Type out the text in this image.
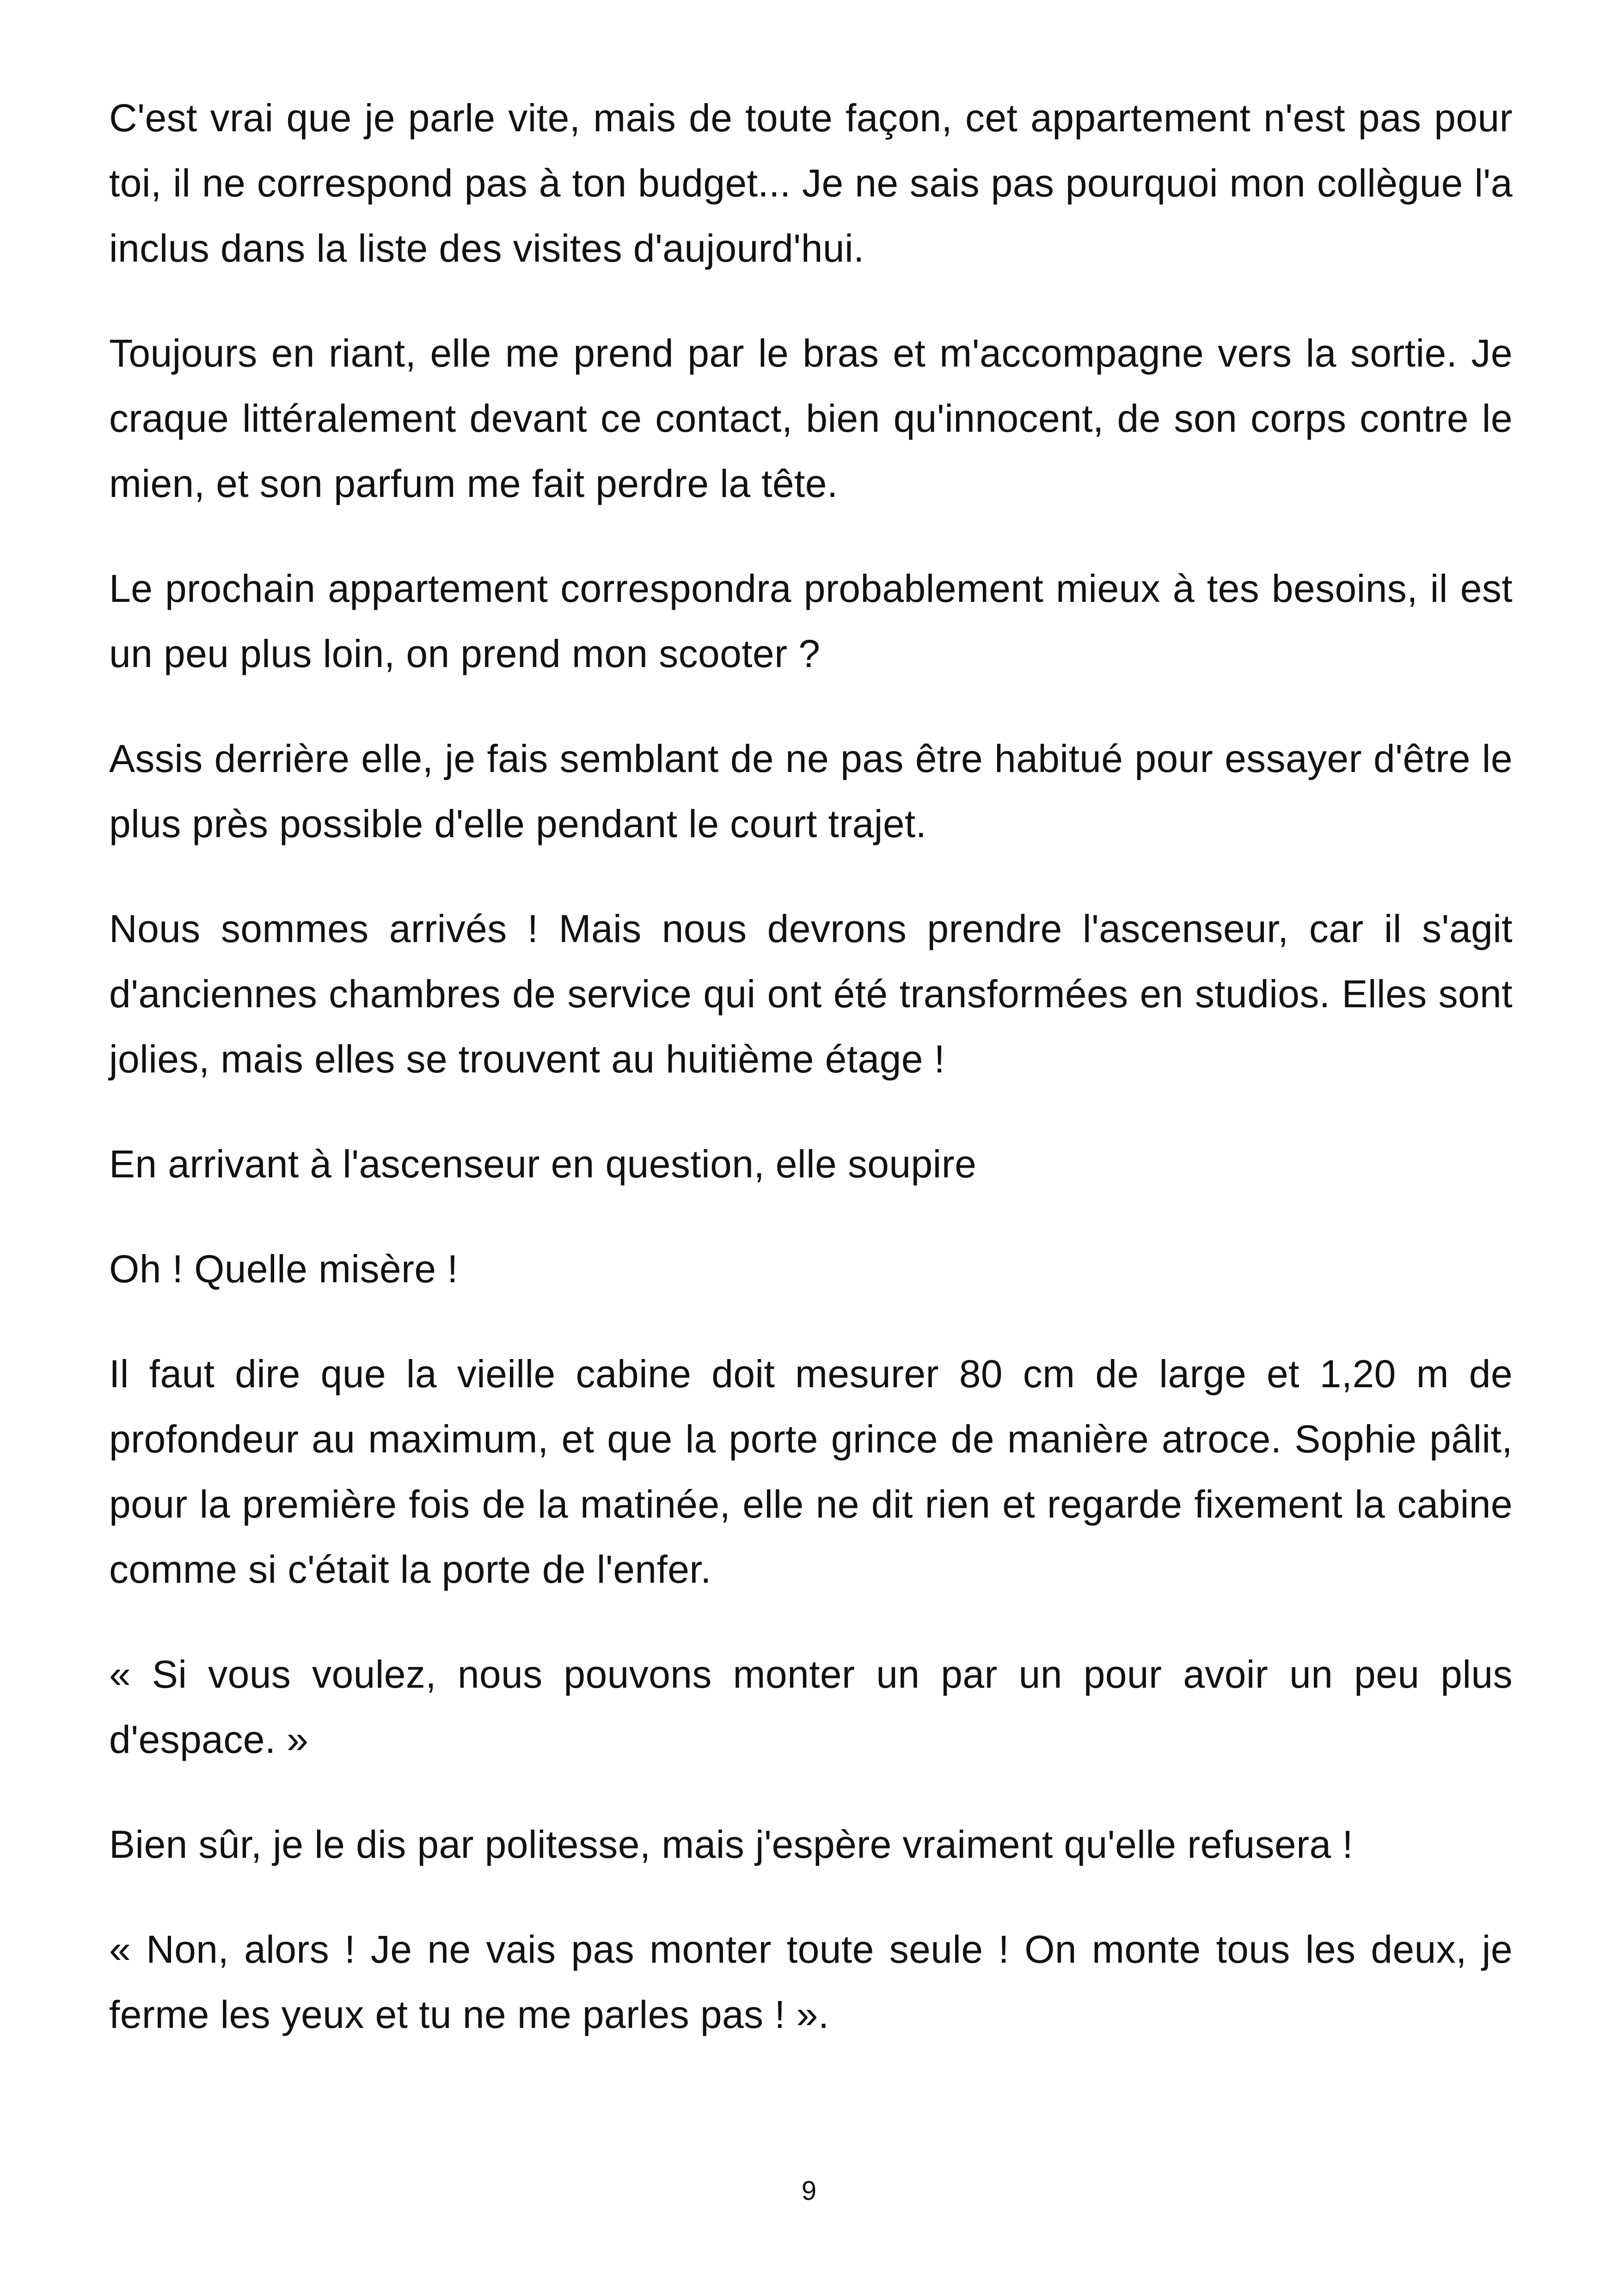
C'est vrai que je parle vite, mais de toute façon, cet appartement n'est pas pour toi, il ne correspond pas à ton budget... Je ne sais pas pourquoi mon collègue l'a inclus dans la liste des visites d'aujourd'hui.

Toujours en riant, elle me prend par le bras et m'accompagne vers la sortie. Je craque littéralement devant ce contact, bien qu'innocent, de son corps contre le mien, et son parfum me fait perdre la tête.

Le prochain appartement correspondra probablement mieux à tes besoins, il est un peu plus loin, on prend mon scooter ?

Assis derrière elle, je fais semblant de ne pas être habitué pour essayer d'être le plus près possible d'elle pendant le court trajet.

Nous sommes arrivés ! Mais nous devrons prendre l'ascenseur, car il s'agit d'anciennes chambres de service qui ont été transformées en studios. Elles sont jolies, mais elles se trouvent au huitième étage !

En arrivant à l'ascenseur en question, elle soupire

Oh ! Quelle misère !

Il faut dire que la vieille cabine doit mesurer 80 cm de large et 1,20 m de profondeur au maximum, et que la porte grince de manière atroce. Sophie pâlit, pour la première fois de la matinée, elle ne dit rien et regarde fixement la cabine comme si c'était la porte de l'enfer.

« Si vous voulez, nous pouvons monter un par un pour avoir un peu plus d'espace. »

Bien sûr, je le dis par politesse, mais j'espère vraiment qu'elle refusera !

« Non, alors ! Je ne vais pas monter toute seule ! On monte tous les deux, je ferme les yeux et tu ne me parles pas ! ».

9
